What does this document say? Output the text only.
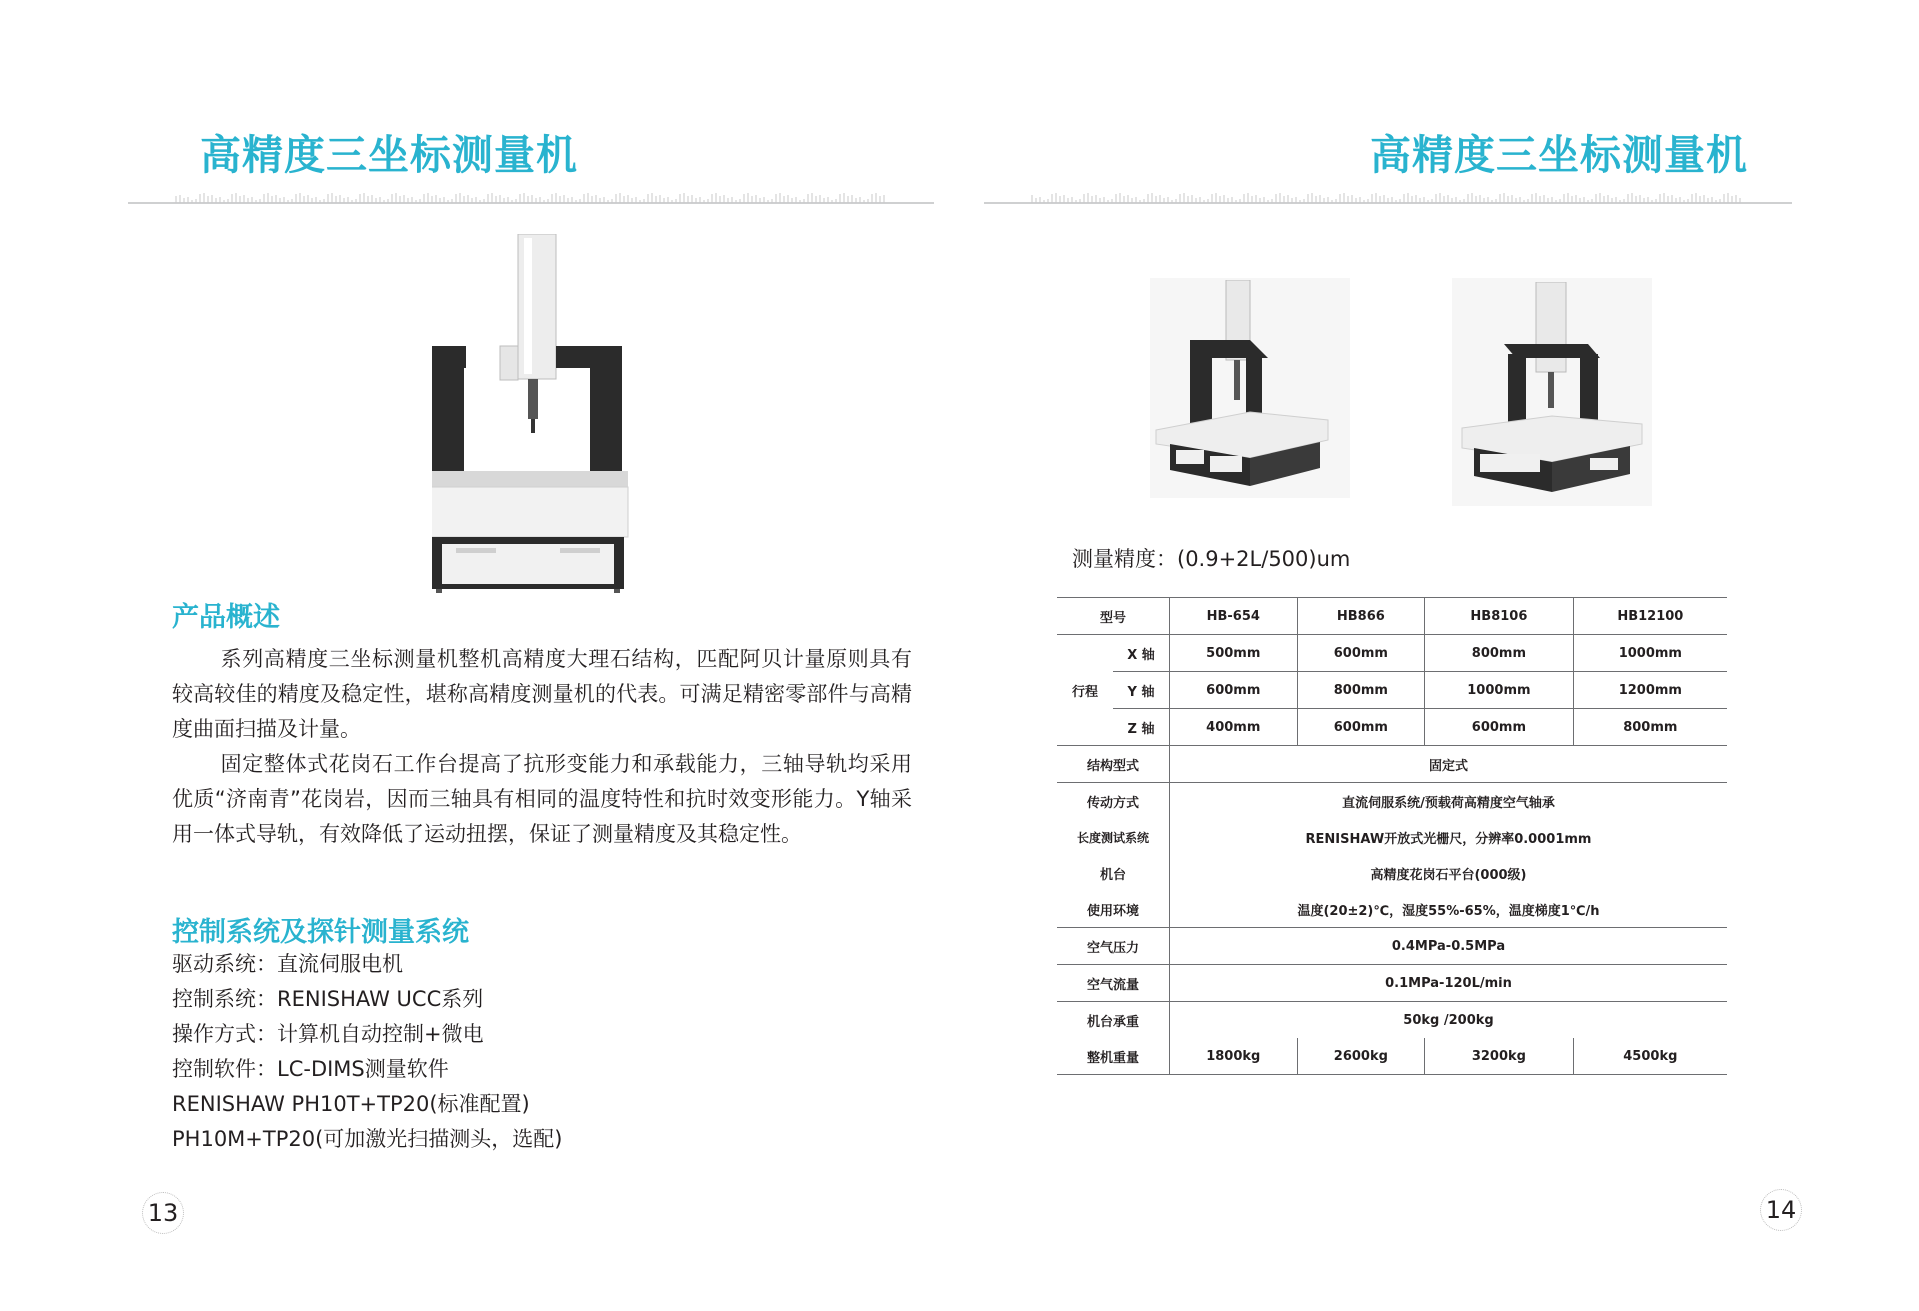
高精度三坐标测量机
产品概述
系列高精度三坐标测量机整机高精度大理石结构，匹配阿贝计量原则具有较高较佳的精度及稳定性，堪称高精度测量机的代表。可满足精密零部件与高精度曲面扫描及计量。
固定整体式花岗石工作台提高了抗形变能力和承载能力，三轴导轨均采用优质“济南青”花岗岩，因而三轴具有相同的温度特性和抗时效变形能力。Y轴采用一体式导轨，有效降低了运动扭摆，保证了测量精度及其稳定性。
控制系统及探针测量系统
驱动系统：直流伺服电机
控制系统：RENISHAW UCC系列
操作方式：计算机自动控制+微电
控制软件：LC-DIMS测量软件
RENISHAW PH10T+TP20(标准配置)
PH10M+TP20(可加激光扫描测头，选配)
13
高精度三坐标测量机
测量精度：(0.9+2L/500)um
型号		HB-654	HB866	HB8106	HB12100
行程	X 轴	500mm	600mm	800mm	1000mm
	Y 轴	600mm	800mm	1000mm	1200mm
	Z 轴	400mm	600mm	600mm	800mm
结构型式		固定式			
传动方式		直流伺服系统/预载荷高精度空气轴承			
长度测试系统		RENISHAW开放式光栅尺，分辨率0.0001mm			
机台		高精度花岗石平台(000级)			
使用环境		温度(20±2)℃，湿度55%-65%，温度梯度1℃/h			
空气压力		0.4MPa-0.5MPa			
空气流量		0.1MPa-120L/min			
机台承重		50kg /200kg			
整机重量		1800kg	2600kg	3200kg	4500kg
14
